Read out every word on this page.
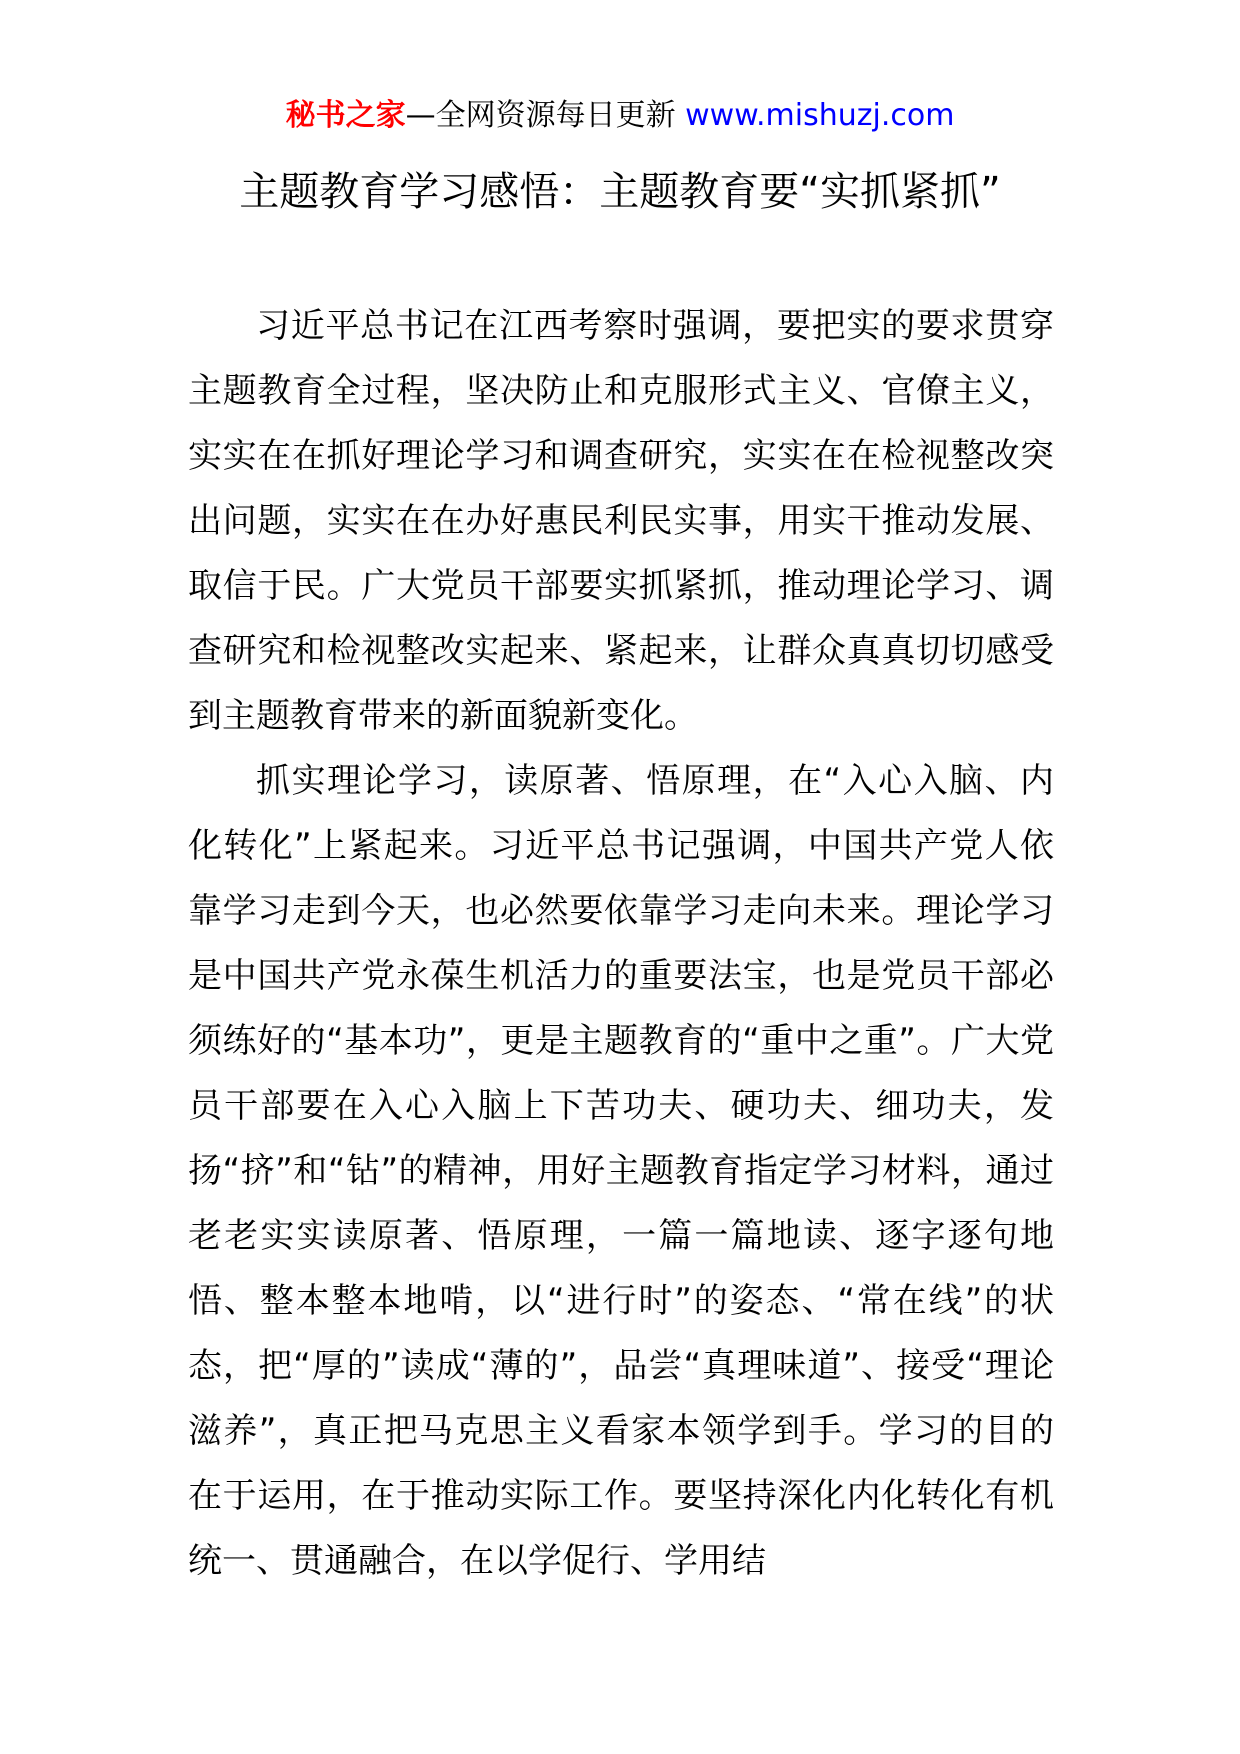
秘书之家—全网资源每日更新 www.mishuzj.com
主题教育学习感悟：主题教育要“实抓紧抓”

习近平总书记在江西考察时强调，要把实的要求贯穿主题教育全过程，坚决防止和克服形式主义、官僚主义，实实在在抓好理论学习和调查研究，实实在在检视整改突出问题，实实在在办好惠民利民实事，用实干推动发展、取信于民。广大党员干部要实抓紧抓，推动理论学习、调查研究和检视整改实起来、紧起来，让群众真真切切感受到主题教育带来的新面貌新变化。

抓实理论学习，读原著、悟原理，在“入心入脑、内化转化”上紧起来。习近平总书记强调，中国共产党人依靠学习走到今天，也必然要依靠学习走向未来。理论学习是中国共产党永葆生机活力的重要法宝，也是党员干部必须练好的“基本功”，更是主题教育的“重中之重”。广大党员干部要在入心入脑上下苦功夫、硬功夫、细功夫，发扬“挤”和“钻”的精神，用好主题教育指定学习材料，通过老老实实读原著、悟原理，一篇一篇地读、逐字逐句地悟、整本整本地啃，以“进行时”的姿态、“常在线”的状态，把“厚的”读成“薄的”，品尝“真理味道”、接受“理论滋养”，真正把马克思主义看家本领学到手。学习的目的在于运用，在于推动实际工作。要坚持深化内化转化有机统一、贯通融合，在以学促行、学用结
